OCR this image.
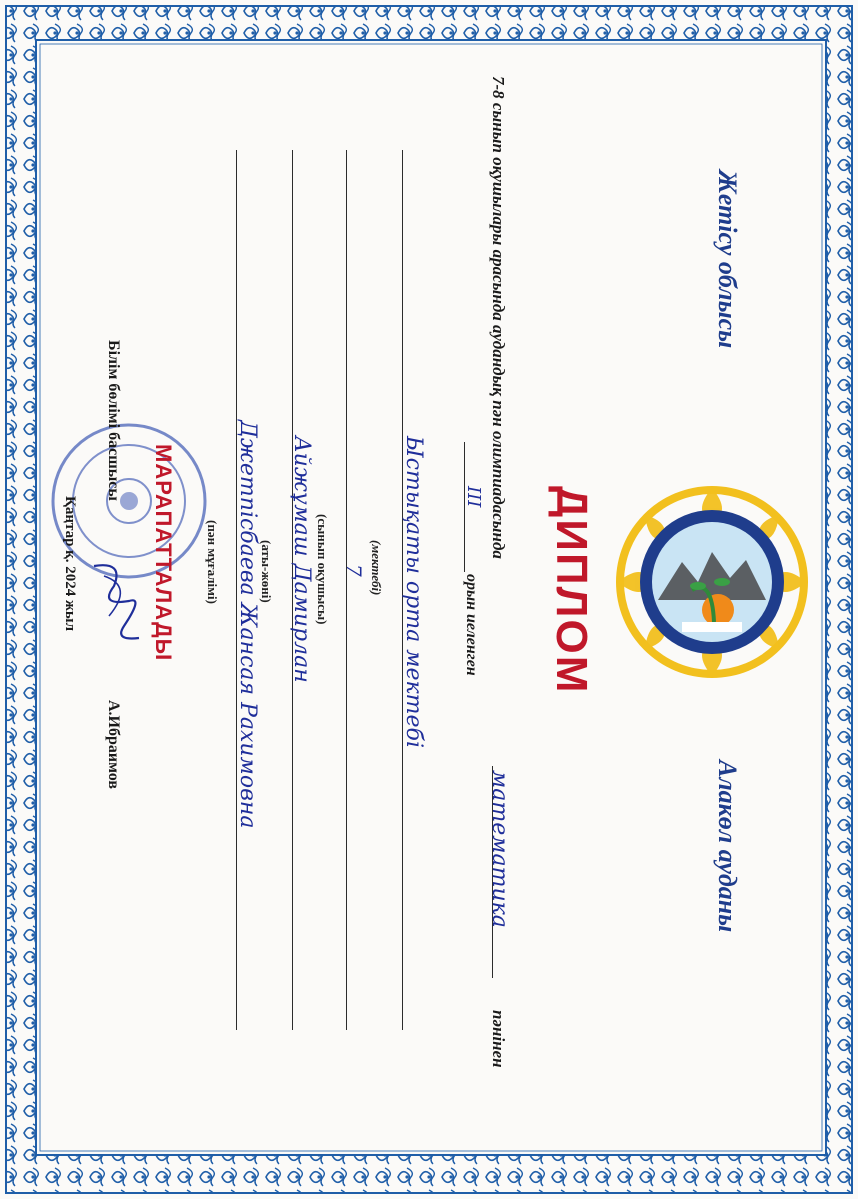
Жетісу облысы
Алакөл ауданы
ДИПЛОМ
7-8 сынып оқушылары арасында аудандық пән олимпиадасында
математика
пәнінен
III
орын иеленген
Ыстықаты орта мектебі
(мектебі)
7
(сынып оқушысы)
Айжұмаш Дамирлан
(аты-жөні)
Джетпісбаева Жансая Рахимовна
(пән мұғалімі)
МАРАПАТТАЛАДЫ
Білім бөлімі басшысы
А.Ибраимов
Қаңтар қ. 2024 жыл
